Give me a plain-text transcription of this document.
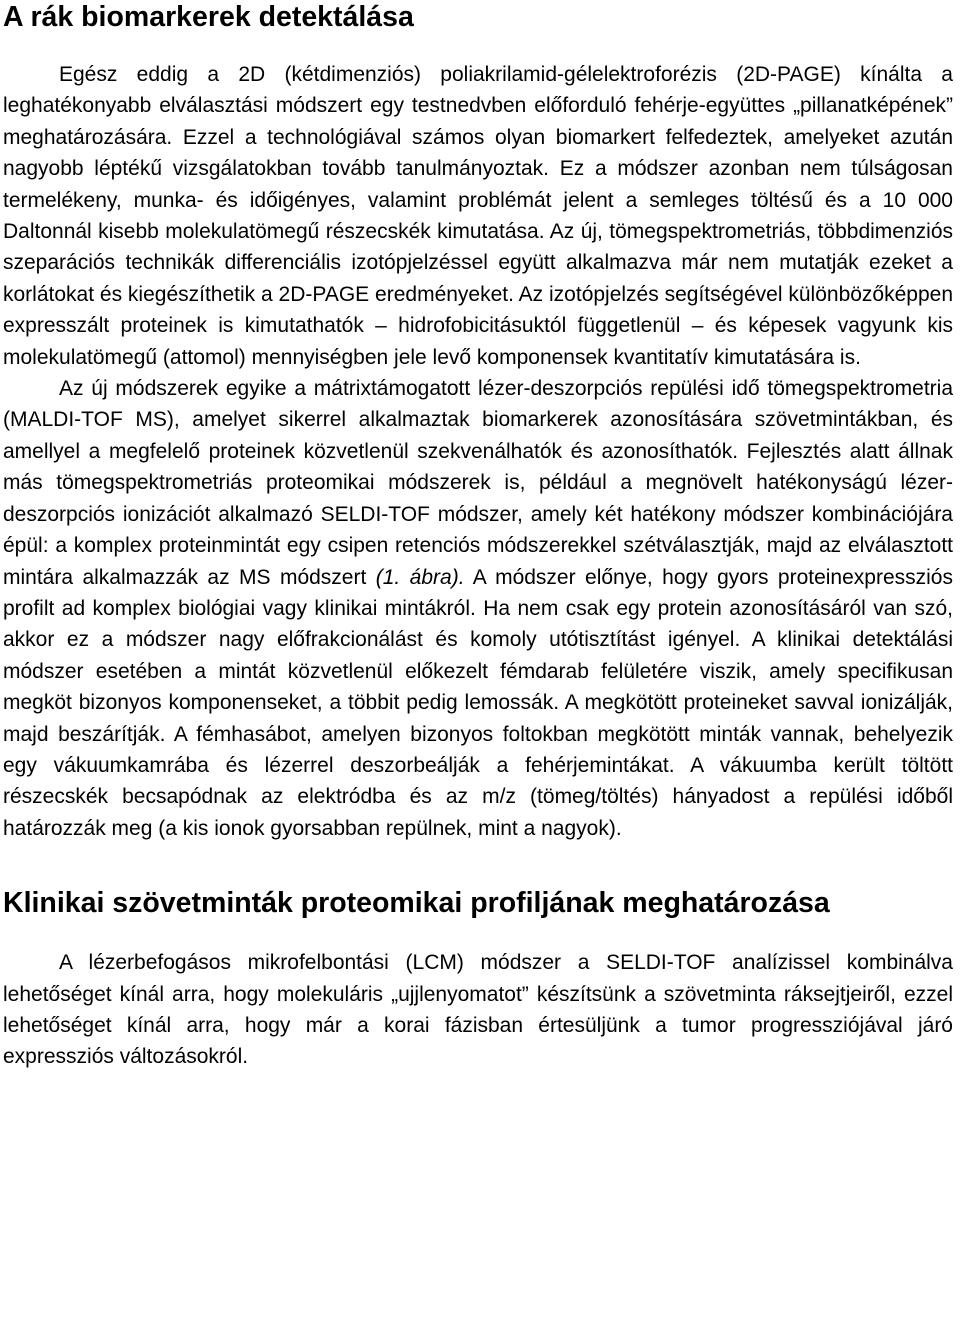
A rák biomarkerek detektálása

Egész eddig a 2D (kétdimenziós) poliakrilamid-gélelektroforézis (2D-PAGE) kínálta a leghatékonyabb elválasztási módszert egy testnedvben előforduló fehérje-együttes „pillanatképének” meghatározására. Ezzel a technológiával számos olyan biomarkert felfedeztek, amelyeket azután nagyobb léptékű vizsgálatokban tovább tanulmányoztak. Ez a módszer azonban nem túlságosan termelékeny, munka- és időigényes, valamint problémát jelent a semleges töltésű és a 10 000 Daltonnál kisebb molekulatömegű részecskék kimutatása. Az új, tömegspektrometriás, többdimenziós szeparációs technikák differenciális izotópjelzéssel együtt alkalmazva már nem mutatják ezeket a korlátokat és kiegészíthetik a 2D-PAGE eredményeket. Az izotópjelzés segítségével különbözőképpen expresszált proteinek is kimutathatók – hidrofobicitásuktól függetlenül – és képesek vagyunk kis molekulatömegű (attomol) mennyiségben jele levő komponensek kvantitatív kimutatására is.

Az új módszerek egyike a mátrixtámogatott lézer-deszorpciós repülési idő tömegspektrometria (MALDI-TOF MS), amelyet sikerrel alkalmaztak biomarkerek azonosítására szövetmintákban, és amellyel a megfelelő proteinek közvetlenül szekvenálhatók és azonosíthatók. Fejlesztés alatt állnak más tömegspektrometriás proteomikai módszerek is, például a megnövelt hatékonyságú lézer-deszorpciós ionizációt alkalmazó SELDI-TOF módszer, amely két hatékony módszer kombinációjára épül: a komplex proteinmintát egy csipen retenciós módszerekkel szétválasztják, majd az elválasztott mintára alkalmazzák az MS módszert (1. ábra). A módszer előnye, hogy gyors proteinexpressziós profilt ad komplex biológiai vagy klinikai mintákról. Ha nem csak egy protein azonosításáról van szó, akkor ez a módszer nagy előfrakcionálást és komoly utótisztítást igényel. A klinikai detektálási módszer esetében a mintát közvetlenül előkezelt fémdarab felületére viszik, amely specifikusan megköt bizonyos komponenseket, a többit pedig lemossák. A megkötött proteineket savval ionizálják, majd beszárítják. A fémhasábot, amelyen bizonyos foltokban megkötött minták vannak, behelyezik egy vákuumkamrába és lézerrel deszorbeálják a fehérjemintákat. A vákuumba került töltött részecskék becsapódnak az elektródba és az m/z (tömeg/töltés) hányadost a repülési időből határozzák meg (a kis ionok gyorsabban repülnek, mint a nagyok).

Klinikai szövetminták proteomikai profiljának meghatározása

A lézerbefogásos mikrofelbontási (LCM) módszer a SELDI-TOF analízissel kombinálva lehetőséget kínál arra, hogy molekuláris „ujjlenyomatot” készítsünk a szövetminta ráksejtjeiről, ezzel lehetőséget kínál arra, hogy már a korai fázisban értesüljünk a tumor progressziójával járó expressziós változásokról.
